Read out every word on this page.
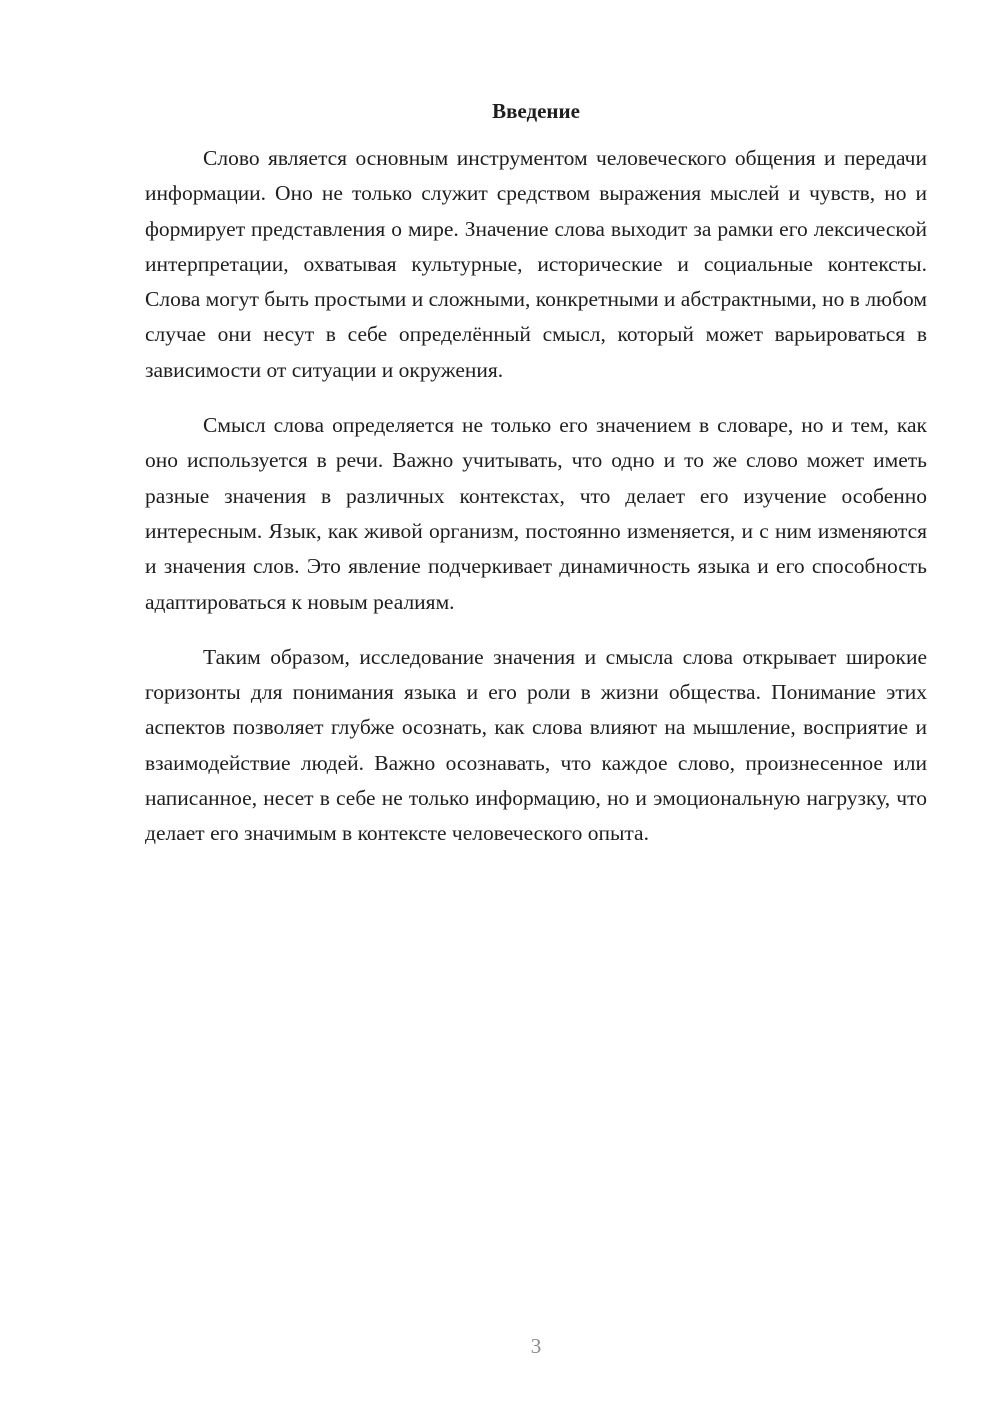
Введение

Слово является основным инструментом человеческого общения и передачи информации. Оно не только служит средством выражения мыслей и чувств, но и формирует представления о мире. Значение слова выходит за рамки его лексической интерпретации, охватывая культурные, исторические и социальные контексты. Слова могут быть простыми и сложными, конкретными и абстрактными, но в любом случае они несут в себе определённый смысл, который может варьироваться в зависимости от ситуации и окружения.

Смысл слова определяется не только его значением в словаре, но и тем, как оно используется в речи. Важно учитывать, что одно и то же слово может иметь разные значения в различных контекстах, что делает его изучение особенно интересным. Язык, как живой организм, постоянно изменяется, и с ним изменяются и значения слов. Это явление подчеркивает динамичность языка и его способность адаптироваться к новым реалиям.

Таким образом, исследование значения и смысла слова открывает широкие горизонты для понимания языка и его роли в жизни общества. Понимание этих аспектов позволяет глубже осознать, как слова влияют на мышление, восприятие и взаимодействие людей. Важно осознавать, что каждое слово, произнесенное или написанное, несет в себе не только информацию, но и эмоциональную нагрузку, что делает его значимым в контексте человеческого опыта.

3
